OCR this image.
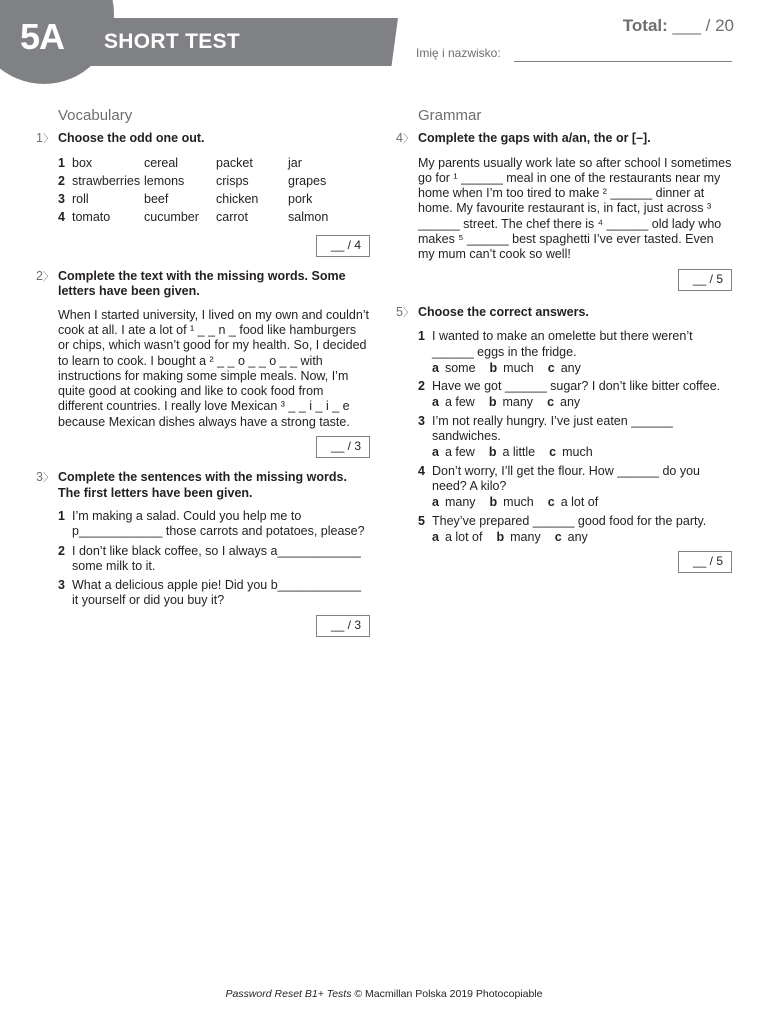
5A SHORT TEST
Total: ___ / 20
Imię i nazwisko:
Vocabulary
1〉 Choose the odd one out.
1	box	cereal	packet	jar
2	strawberries	lemons	crisps	grapes
3	roll	beef	chicken	pork
4	tomato	cucumber	carrot	salmon
__ / 4
2〉 Complete the text with the missing words. Some letters have been given.
When I started university, I lived on my own and couldn’t cook at all. I ate a lot of ¹ _ _ n _ food like hamburgers or chips, which wasn’t good for my health. So, I decided to learn to cook. I bought a ² _ _ o _ _ o _ _ with instructions for making some simple meals. Now, I’m quite good at cooking and like to cook food from different countries. I really love Mexican ³ _ _ i _ i _ e because Mexican dishes always have a strong taste.
__ / 3
3〉 Complete the sentences with the missing words. The first letters have been given.
1 I’m making a salad. Could you help me to p____________ those carrots and potatoes, please?
2 I don’t like black coffee, so I always a____________ some milk to it.
3 What a delicious apple pie! Did you b____________ it yourself or did you buy it?
__ / 3
Grammar
4〉 Complete the gaps with a/an, the or [–].
My parents usually work late so after school I sometimes go for ¹ ______ meal in one of the restaurants near my home when I’m too tired to make ² ______ dinner at home. My favourite restaurant is, in fact, just across ³ ______ street. The chef there is ⁴ ______ old lady who makes ⁵ ______ best spaghetti I’ve ever tasted. Even my mum can’t cook so well!
__ / 5
5〉 Choose the correct answers.
1 I wanted to make an omelette but there weren’t ______ eggs in the fridge.
a some b much c any
2 Have we got ______ sugar? I don’t like bitter coffee.
a a few b many c any
3 I’m not really hungry. I’ve just eaten ______ sandwiches.
a a few b a little c much
4 Don’t worry, I’ll get the flour. How ______ do you need? A kilo?
a many b much c a lot of
5 They’ve prepared ______ good food for the party.
a a lot of b many c any
__ / 5
Password Reset B1+ Tests © Macmillan Polska 2019 Photocopiable
